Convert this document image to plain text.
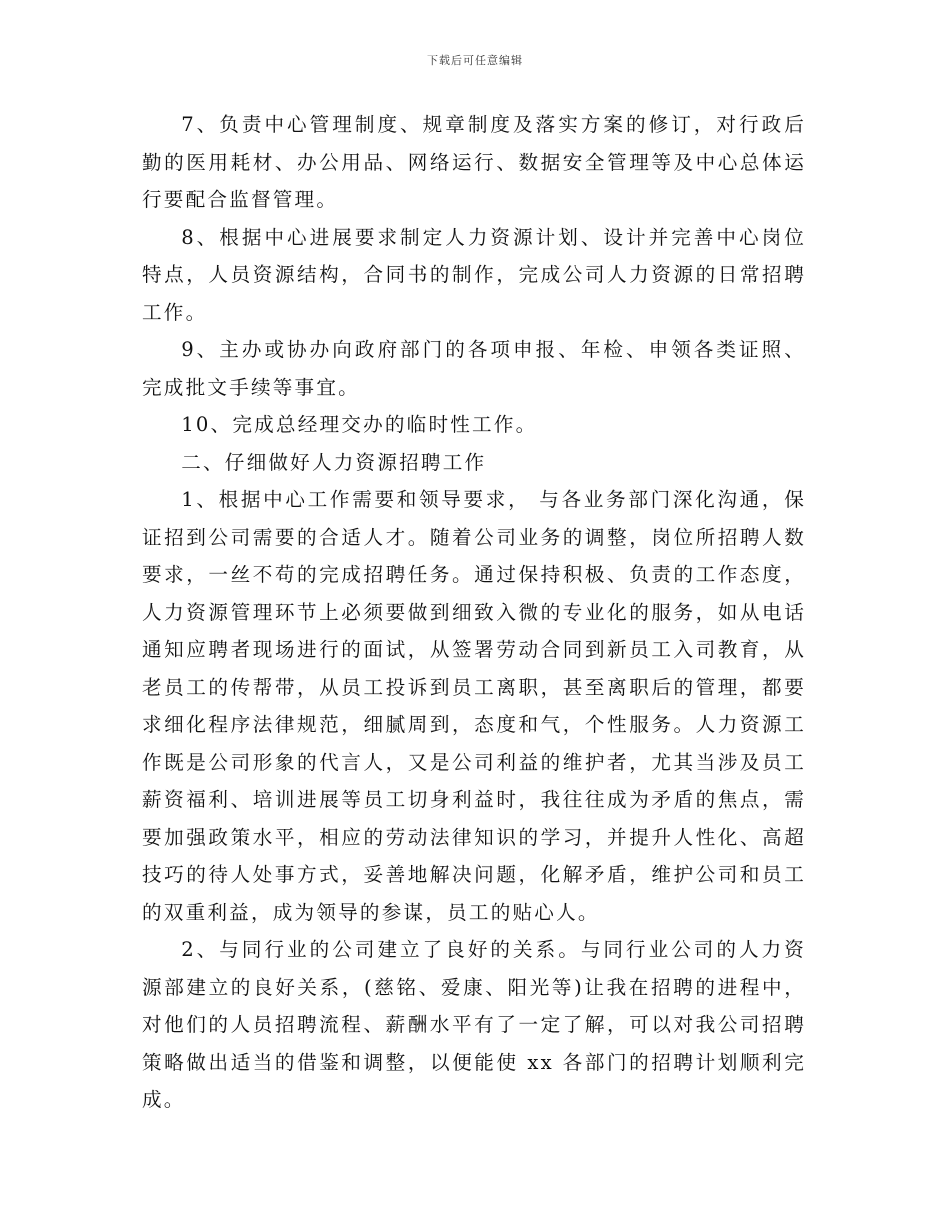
下载后可任意编辑

7、负责中心管理制度、规章制度及落实方案的修订，对行政后勤的医用耗材、办公用品、网络运行、数据安全管理等及中心总体运行要配合监督管理。

8、根据中心进展要求制定人力资源计划、设计并完善中心岗位特点，人员资源结构，合同书的制作，完成公司人力资源的日常招聘工作。

9、主办或协办向政府部门的各项申报、年检、申领各类证照、完成批文手续等事宜。

10、完成总经理交办的临时性工作。

二、仔细做好人力资源招聘工作

1、根据中心工作需要和领导要求， 与各业务部门深化沟通，保证招到公司需要的合适人才。随着公司业务的调整，岗位所招聘人数要求，一丝不苟的完成招聘任务。通过保持积极、负责的工作态度，人力资源管理环节上必须要做到细致入微的专业化的服务，如从电话通知应聘者现场进行的面试，从签署劳动合同到新员工入司教育，从老员工的传帮带，从员工投诉到员工离职，甚至离职后的管理，都要求细化程序法律规范，细腻周到，态度和气，个性服务。人力资源工作既是公司形象的代言人，又是公司利益的维护者，尤其当涉及员工薪资福利、培训进展等员工切身利益时，我往往成为矛盾的焦点，需要加强政策水平，相应的劳动法律知识的学习，并提升人性化、高超技巧的待人处事方式，妥善地解决问题，化解矛盾，维护公司和员工的双重利益，成为领导的参谋，员工的贴心人。

2、与同行业的公司建立了良好的关系。与同行业公司的人力资源部建立的良好关系，(慈铭、爱康、阳光等)让我在招聘的进程中，对他们的人员招聘流程、薪酬水平有了一定了解，可以对我公司招聘策略做出适当的借鉴和调整，以便能使 xx 各部门的招聘计划顺利完成。
